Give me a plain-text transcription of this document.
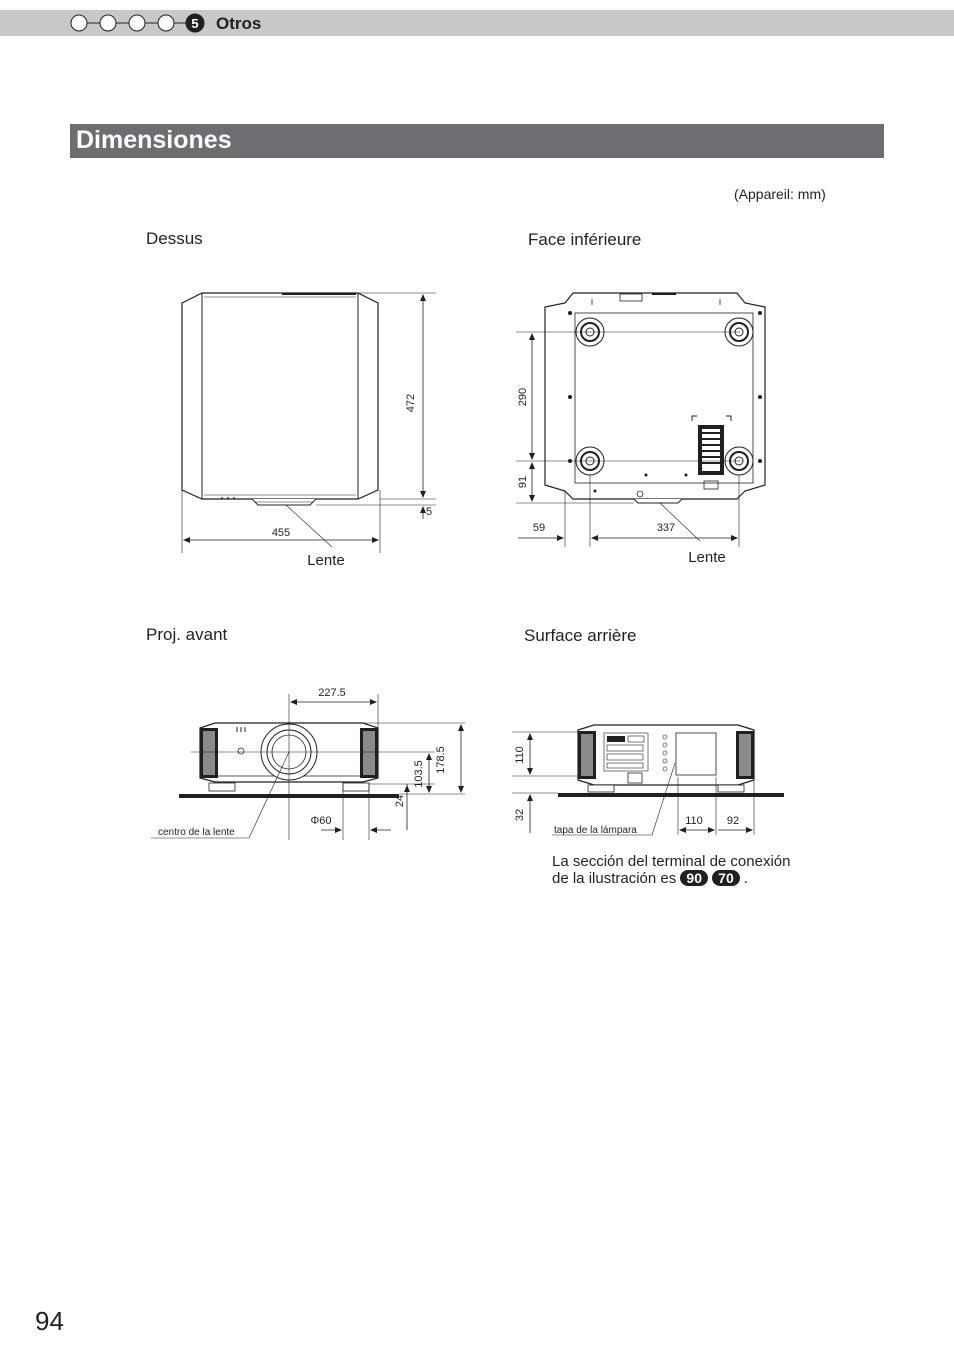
5 Otros
Dimensiones
(Appareil: mm)
Dessus	Face inférieure
Proj. avant	Surface arrière
472
5
455
Lente
290
91
59	337
Lente
227.5
178.5
103.5
24
Φ60
centro de la lente
110
32	110 92
tapa de la lámpara
La sección del terminal de conexión
de la ilustración es 90 70 .
94
